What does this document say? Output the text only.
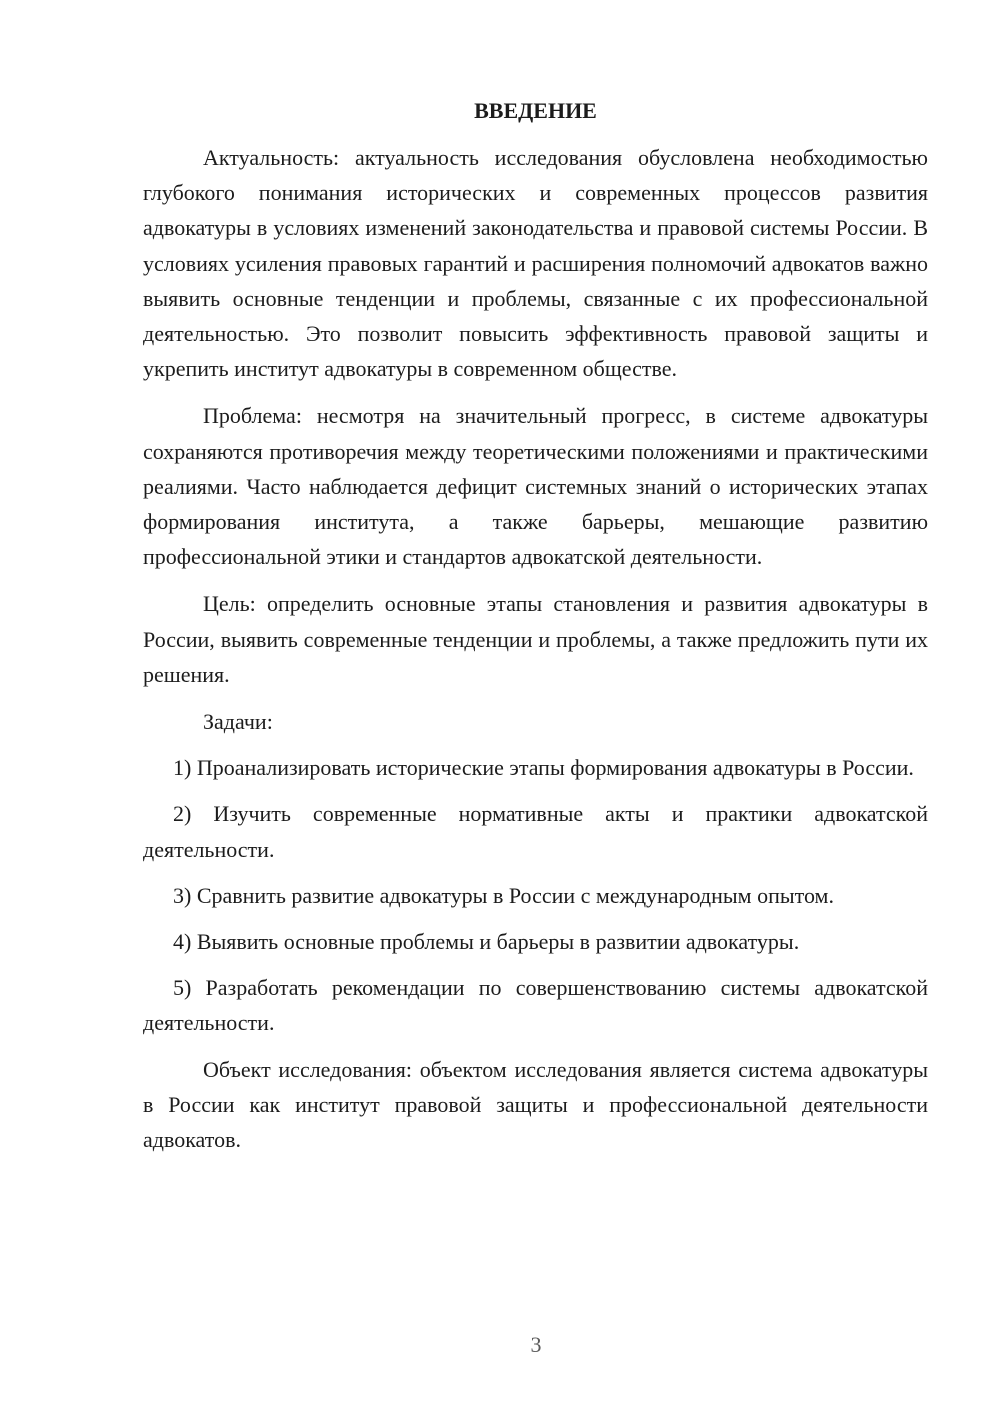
ВВЕДЕНИЕ

Актуальность: актуальность исследования обусловлена необходимостью глубокого понимания исторических и современных процессов развития адвокатуры в условиях изменений законодательства и правовой системы России. В условиях усиления правовых гарантий и расширения полномочий адвокатов важно выявить основные тенденции и проблемы, связанные с их профессиональной деятельностью. Это позволит повысить эффективность правовой защиты и укрепить институт адвокатуры в современном обществе.

Проблема: несмотря на значительный прогресс, в системе адвокатуры сохраняются противоречия между теоретическими положениями и практическими реалиями. Часто наблюдается дефицит системных знаний о исторических этапах формирования института, а также барьеры, мешающие развитию профессиональной этики и стандартов адвокатской деятельности.

Цель: определить основные этапы становления и развития адвокатуры в России, выявить современные тенденции и проблемы, а также предложить пути их решения.

Задачи:

1) Проанализировать исторические этапы формирования адвокатуры в России.

2) Изучить современные нормативные акты и практики адвокатской деятельности.

3) Сравнить развитие адвокатуры в России с международным опытом.

4) Выявить основные проблемы и барьеры в развитии адвокатуры.

5) Разработать рекомендации по совершенствованию системы адвокатской деятельности.

Объект исследования: объектом исследования является система адвокатуры в России как институт правовой защиты и профессиональной деятельности адвокатов.

3
